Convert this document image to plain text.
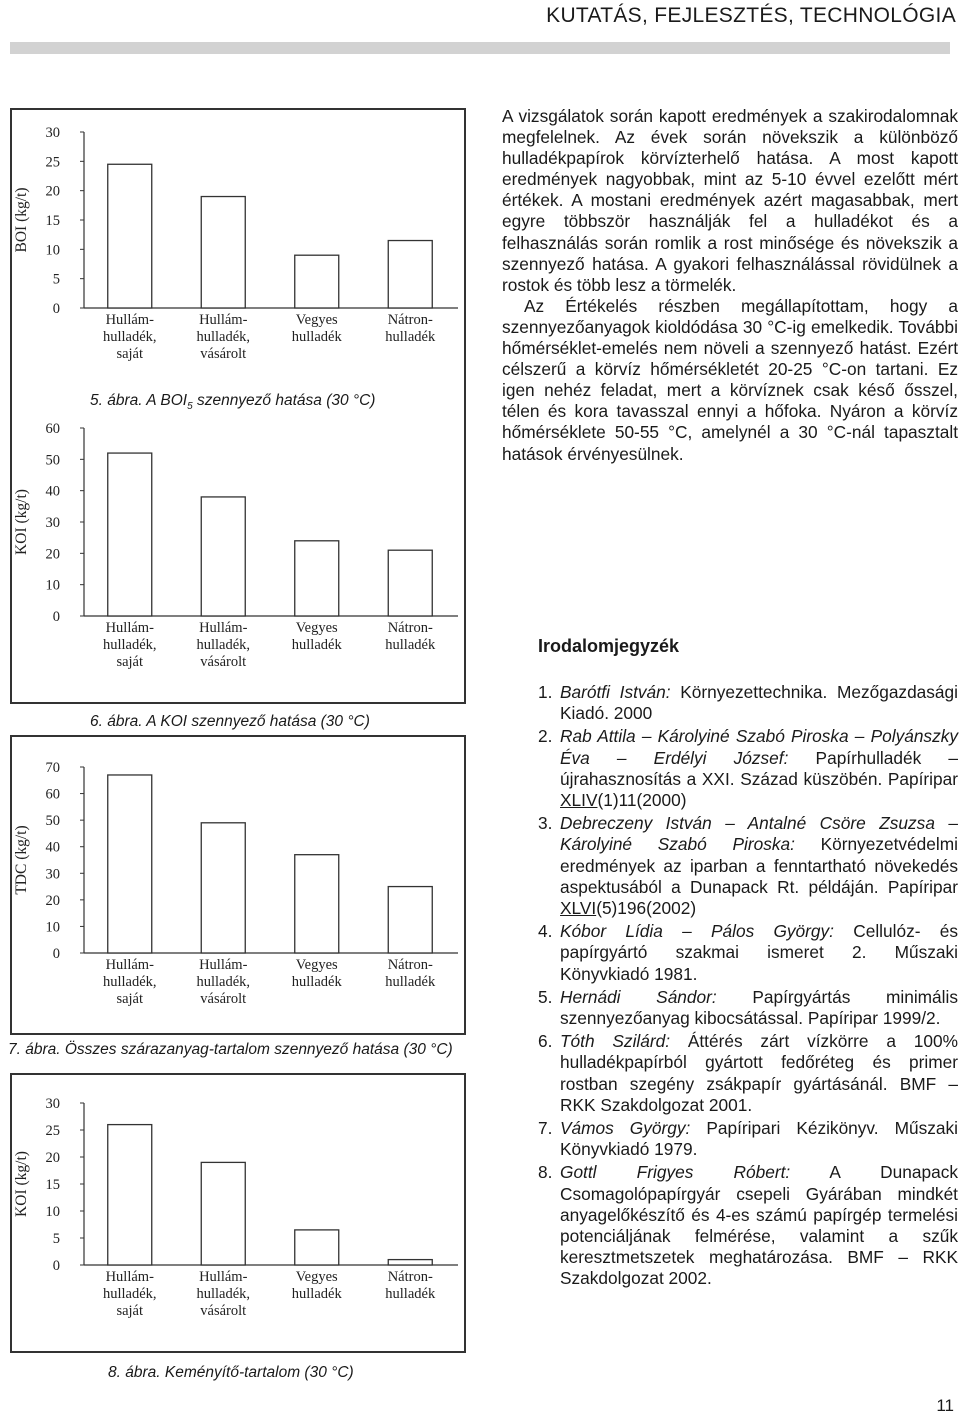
KUTATÁS, FEJLESZTÉS, TECHNOLÓGIA
0
5
10
15
20
25
30
BOI (kg/t)
Hullám-
hulladék,
saját
Hullám-
hulladék,
vásárolt
Vegyes
hulladék
Nátron-
hulladék
5. ábra. A $BOI_5$ szennyező hatása (30 °C)
0
10
20
30
40
50
60
KOI (kg/t)
Hullám-
hulladék,
saját
Hullám-
hulladék,
vásárolt
Vegyes
hulladék
Nátron-
hulladék
6. ábra. A KOI szennyező hatása (30 °C)
0
10
20
30
40
50
60
70
TDC (kg/t)
Hullám-
hulladék,
saját
Hullám-
hulladék,
vásárolt
Vegyes
hulladék
Nátron-
hulladék
7. ábra. Összes szárazanyag-tartalom szennyező hatása (30 °C)
0
5
10
15
20
25
30
KOI (kg/t)
Hullám-
hulladék,
saját
Hullám-
hulladék,
vásárolt
Vegyes
hulladék
Nátron-
hulladék
8. ábra. Keményítő-tartalom (30 °C)

A vizsgálatok során kapott eredmények a szakirodalomnak megfelelnek. Az évek során növekszik a különböző hulladékpapírok körvízterhelő hatása. A most kapott eredmények nagyobbak, mint az 5-10 évvel ezelőtt mért értékek. A mostani eredmények azért magasabbak, mert egyre többször használják fel a hulladékot és a felhasználás során romlik a rost minősége és növekszik a szennyező hatása. A gyakori felhasználással rövidülnek a rostok és több lesz a törmelék.

Az Értékelés részben megállapítottam, hogy a szennyezőanyagok kioldódása 30 °C-ig emelkedik. További hőmérséklet-emelés nem növeli a szennyező hatást. Ezért célszerű a körvíz hőmérsékletét 20-25 °C-on tartani. Ez igen nehéz feladat, mert a körvíznek csak késő ősszel, télen és kora tavasszal ennyi a hőfoka. Nyáron a körvíz hőmérséklete 50-55 °C, amelynél a 30 °C-nál tapasztalt hatások érvényesülnek.

Irodalomjegyzék
1. Barótfi István: Környezettechnika. Mezőgazdasági Kiadó. 2000
2. Rab Attila – Károlyiné Szabó Piroska – Polyánszky Éva – Erdélyi József: Papírhulladék – újrahasznosítás a XXI. Század küszöbén. Papíripar XLIV(1)11(2000)
3. Debreczeny István – Antalné Csöre Zsuzsa – Károlyiné Szabó Piroska: Környezetvédelmi eredmények az iparban a fenntartható növekedés aspektusából a Dunapack Rt. példáján. Papíripar XLVI(5)196(2002)
4. Kóbor Lídia – Pálos György: Cellulóz- és papírgyártó szakmai ismeret 2. Műszaki Könyvkiadó 1981.
5. Hernádi Sándor: Papírgyártás minimális szennyezőanyag kibocsátással. Papíripar 1999/2.
6. Tóth Szilárd: Áttérés zárt vízkörre a 100% hulladékpapírból gyártott fedőréteg és primer rostban szegény zsákpapír gyártásánál. BMF – RKK Szakdolgozat 2001.
7. Vámos György: Papíripari Kézikönyv. Műszaki Könyvkiadó 1979.
8. Gottl Frigyes Róbert: A Dunapack Csomagolópapírgyár csepeli Gyárában mindkét anyagelőkészítő és 4-es számú papírgép termelési potenciáljának felmérése, valamint a szűk keresztmetszetek meghatározása. BMF – RKK Szakdolgozat 2002.
11
